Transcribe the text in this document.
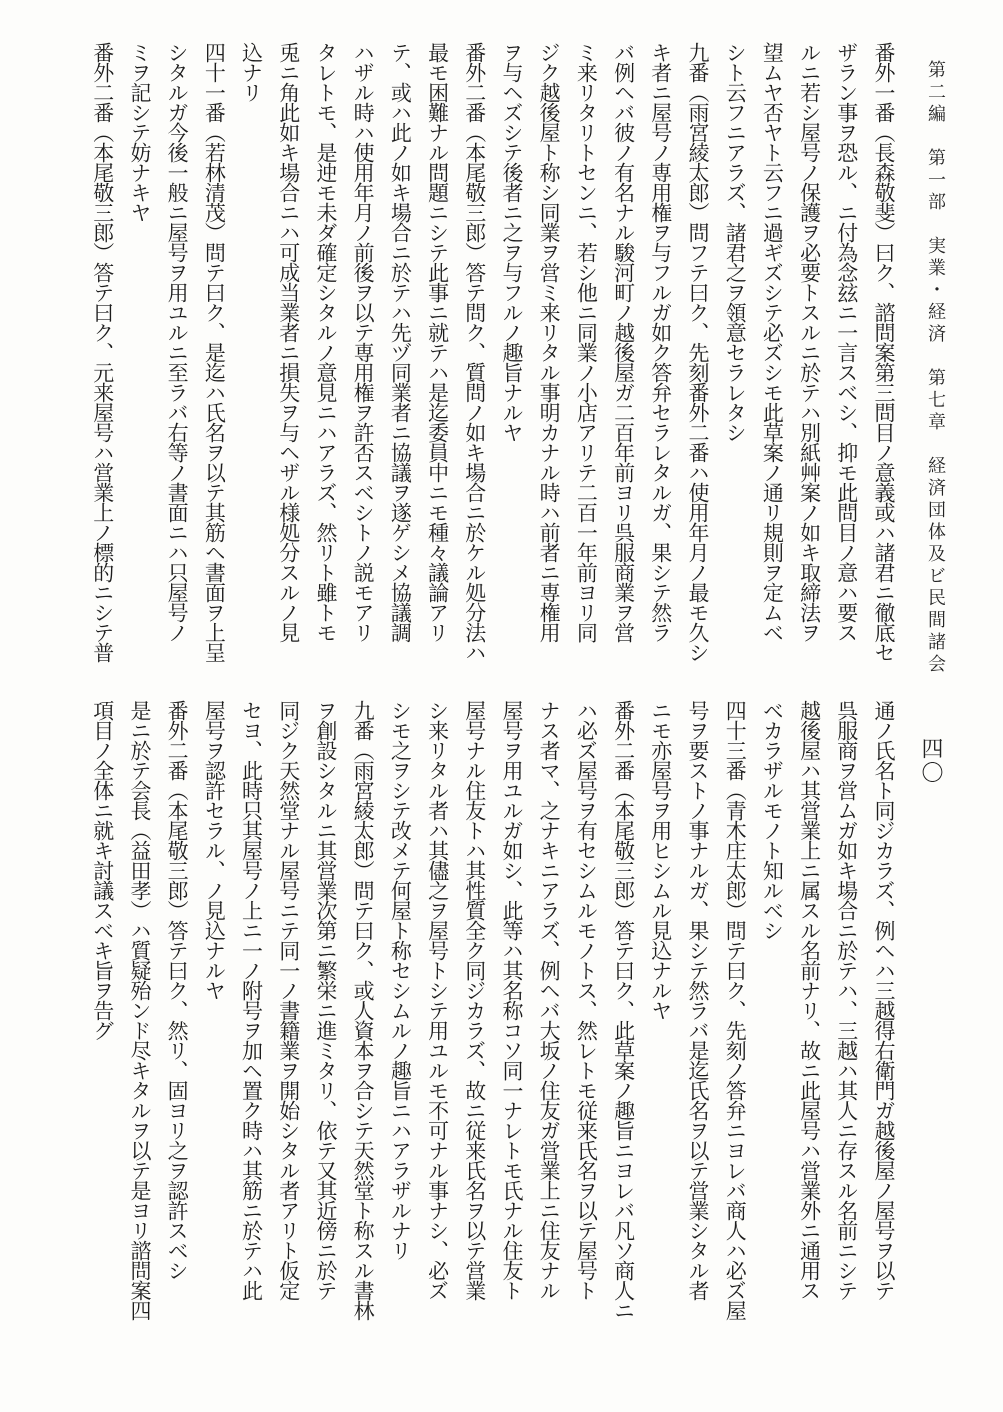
第二編　第一部　実業・経済　第七章　経済団体及ビ民間諸会
四〇
番外一番（長森敬斐）曰ク、諮問案第三問目ノ意義或ハ諸君ニ徹底セ
ザラン事ヲ恐ル、ニ付為念玆ニ一言スベシ、抑モ此問目ノ意ハ要ス
ルニ若シ屋号ノ保護ヲ必要トスルニ於テハ別紙艸案ノ如キ取締法ヲ
望ムヤ否ヤト云フニ過ギズシテ必ズシモ此草案ノ通リ規則ヲ定ムベ
シト云フニアラズ、諸君之ヲ領意セラレタシ
九番（雨宮綾太郎）問フテ曰ク、先刻番外二番ハ使用年月ノ最モ久シ
キ者ニ屋号ノ専用権ヲ与フルガ如ク答弁セラレタルガ、果シテ然ラ
バ例ヘバ彼ノ有名ナル駿河町ノ越後屋ガ二百年前ヨリ呉服商業ヲ営
ミ来リタリトセンニ、若シ他ニ同業ノ小店アリテ二百一年前ヨリ同
ジク越後屋ト称シ同業ヲ営ミ来リタル事明カナル時ハ前者ニ専権用
ヲ与ヘズシテ後者ニ之ヲ与フルノ趣旨ナルヤ
番外二番（本尾敬三郎）答テ問ク、質問ノ如キ場合ニ於ケル処分法ハ
最モ困難ナル問題ニシテ此事ニ就テハ是迄委員中ニモ種々議論アリ
テ、或ハ此ノ如キ場合ニ於テハ先ヅ同業者ニ協議ヲ遂ゲシメ協議調
ハザル時ハ使用年月ノ前後ヲ以テ専用権ヲ許否スベシトノ説モアリ
タレトモ、是迚モ未ダ確定シタルノ意見ニハアラズ、然リト雖トモ
兎ニ角此如キ場合ニハ可成当業者ニ損失ヲ与ヘザル様処分スルノ見
込ナリ
四十一番（若林清茂）問テ曰ク、是迄ハ氏名ヲ以テ其筋ヘ書面ヲ上呈
シタルガ今後一般ニ屋号ヲ用ユルニ至ラバ右等ノ書面ニハ只屋号ノ
ミヲ記シテ妨ナキヤ
番外二番（本尾敬三郎）答テ曰ク、元来屋号ハ営業上ノ標的ニシテ普
通ノ氏名ト同ジカラズ、例ヘハ三越得右衛門ガ越後屋ノ屋号ヲ以テ
呉服商ヲ営ムガ如キ場合ニ於テハ、三越ハ其人ニ存スル名前ニシテ
越後屋ハ其営業上ニ属スル名前ナリ、故ニ此屋号ハ営業外ニ通用ス
ベカラザルモノト知ルベシ
四十三番（青木庄太郎）問テ曰ク、先刻ノ答弁ニヨレバ商人ハ必ズ屋
号ヲ要ストノ事ナルガ、果シテ然ラバ是迄氏名ヲ以テ営業シタル者
ニモ亦屋号ヲ用ヒシムル見込ナルヤ
番外二番（本尾敬三郎）答テ曰ク、此草案ノ趣旨ニヨレバ凡ソ商人ニ
ハ必ズ屋号ヲ有セシムルモノトス、然レトモ従来氏名ヲ以テ屋号ト
ナス者マ、之ナキニアラズ、例ヘバ大坂ノ住友ガ営業上ニ住友ナル
屋号ヲ用ユルガ如シ、此等ハ其名称コソ同一ナレトモ氏ナル住友ト
屋号ナル住友トハ其性質全ク同ジカラズ、故ニ従来氏名ヲ以テ営業
シ来リタル者ハ其儘之ヲ屋号トシテ用ユルモ不可ナル事ナシ、必ズ
シモ之ヲシテ改メテ何屋ト称セシムルノ趣旨ニハアラザルナリ
九番（雨宮綾太郎）問テ曰ク、或人資本ヲ合シテ天然堂ト称スル書林
ヲ創設シタルニ其営業次第ニ繁栄ニ進ミタリ、依テ又其近傍ニ於テ
同ジク天然堂ナル屋号ニテ同一ノ書籍業ヲ開始シタル者アリト仮定
セヨ、此時只其屋号ノ上ニ一ノ附号ヲ加ヘ置ク時ハ其筋ニ於テハ此
屋号ヲ認許セラル、ノ見込ナルヤ
番外二番（本尾敬三郎）答テ曰ク、然リ、固ヨリ之ヲ認許スベシ
是ニ於テ会長（益田孝）ハ質疑殆ンド尽キタルヲ以テ是ヨリ諮問案四
項目ノ全体ニ就キ討議スベキ旨ヲ告グ
